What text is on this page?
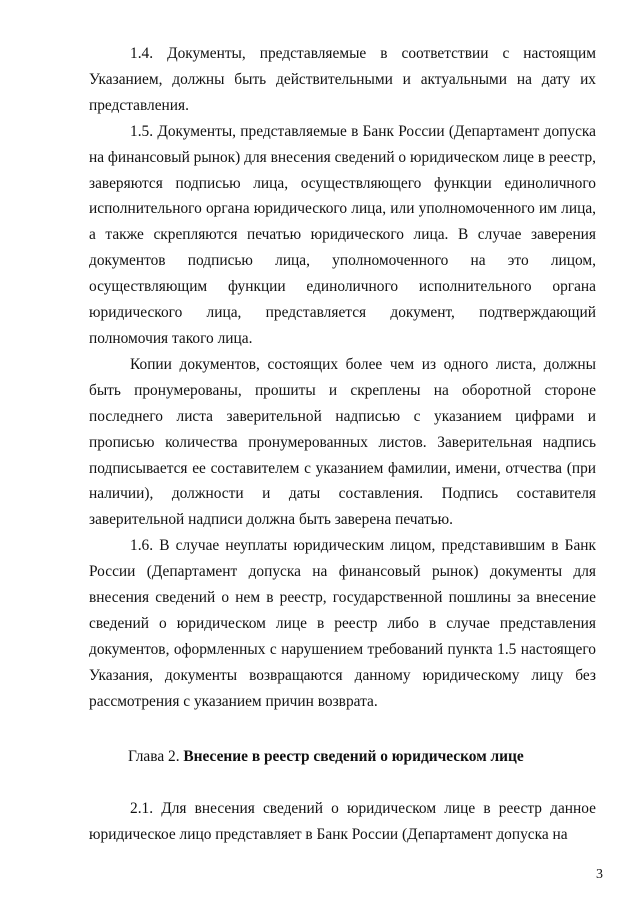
1.4. Документы, представляемые в соответствии с настоящим Указанием, должны быть действительными и актуальными на дату их представления.

1.5. Документы, представляемые в Банк России (Департамент допуска на финансовый рынок) для внесения сведений о юридическом лице в реестр, заверяются подписью лица, осуществляющего функции единоличного исполнительного органа юридического лица, или уполномоченного им лица, а также скрепляются печатью юридического лица. В случае заверения документов подписью лица, уполномоченного на это лицом, осуществляющим функции единоличного исполнительного органа юридического лица, представляется документ, подтверждающий полномочия такого лица.

Копии документов, состоящих более чем из одного листа, должны быть пронумерованы, прошиты и скреплены на оборотной стороне последнего листа заверительной надписью с указанием цифрами и прописью количества пронумерованных листов. Заверительная надпись подписывается ее составителем с указанием фамилии, имени, отчества (при наличии), должности и даты составления. Подпись составителя заверительной надписи должна быть заверена печатью.

1.6. В случае неуплаты юридическим лицом, представившим в Банк России (Департамент допуска на финансовый рынок) документы для внесения сведений о нем в реестр, государственной пошлины за внесение сведений о юридическом лице в реестр либо в случае представления документов, оформленных с нарушением требований пункта 1.5 настоящего Указания, документы возвращаются данному юридическому лицу без рассмотрения с указанием причин возврата.

Глава 2. Внесение в реестр сведений о юридическом лице

2.1. Для внесения сведений о юридическом лице в реестр данное юридическое лицо представляет в Банк России (Департамент допуска на

3
